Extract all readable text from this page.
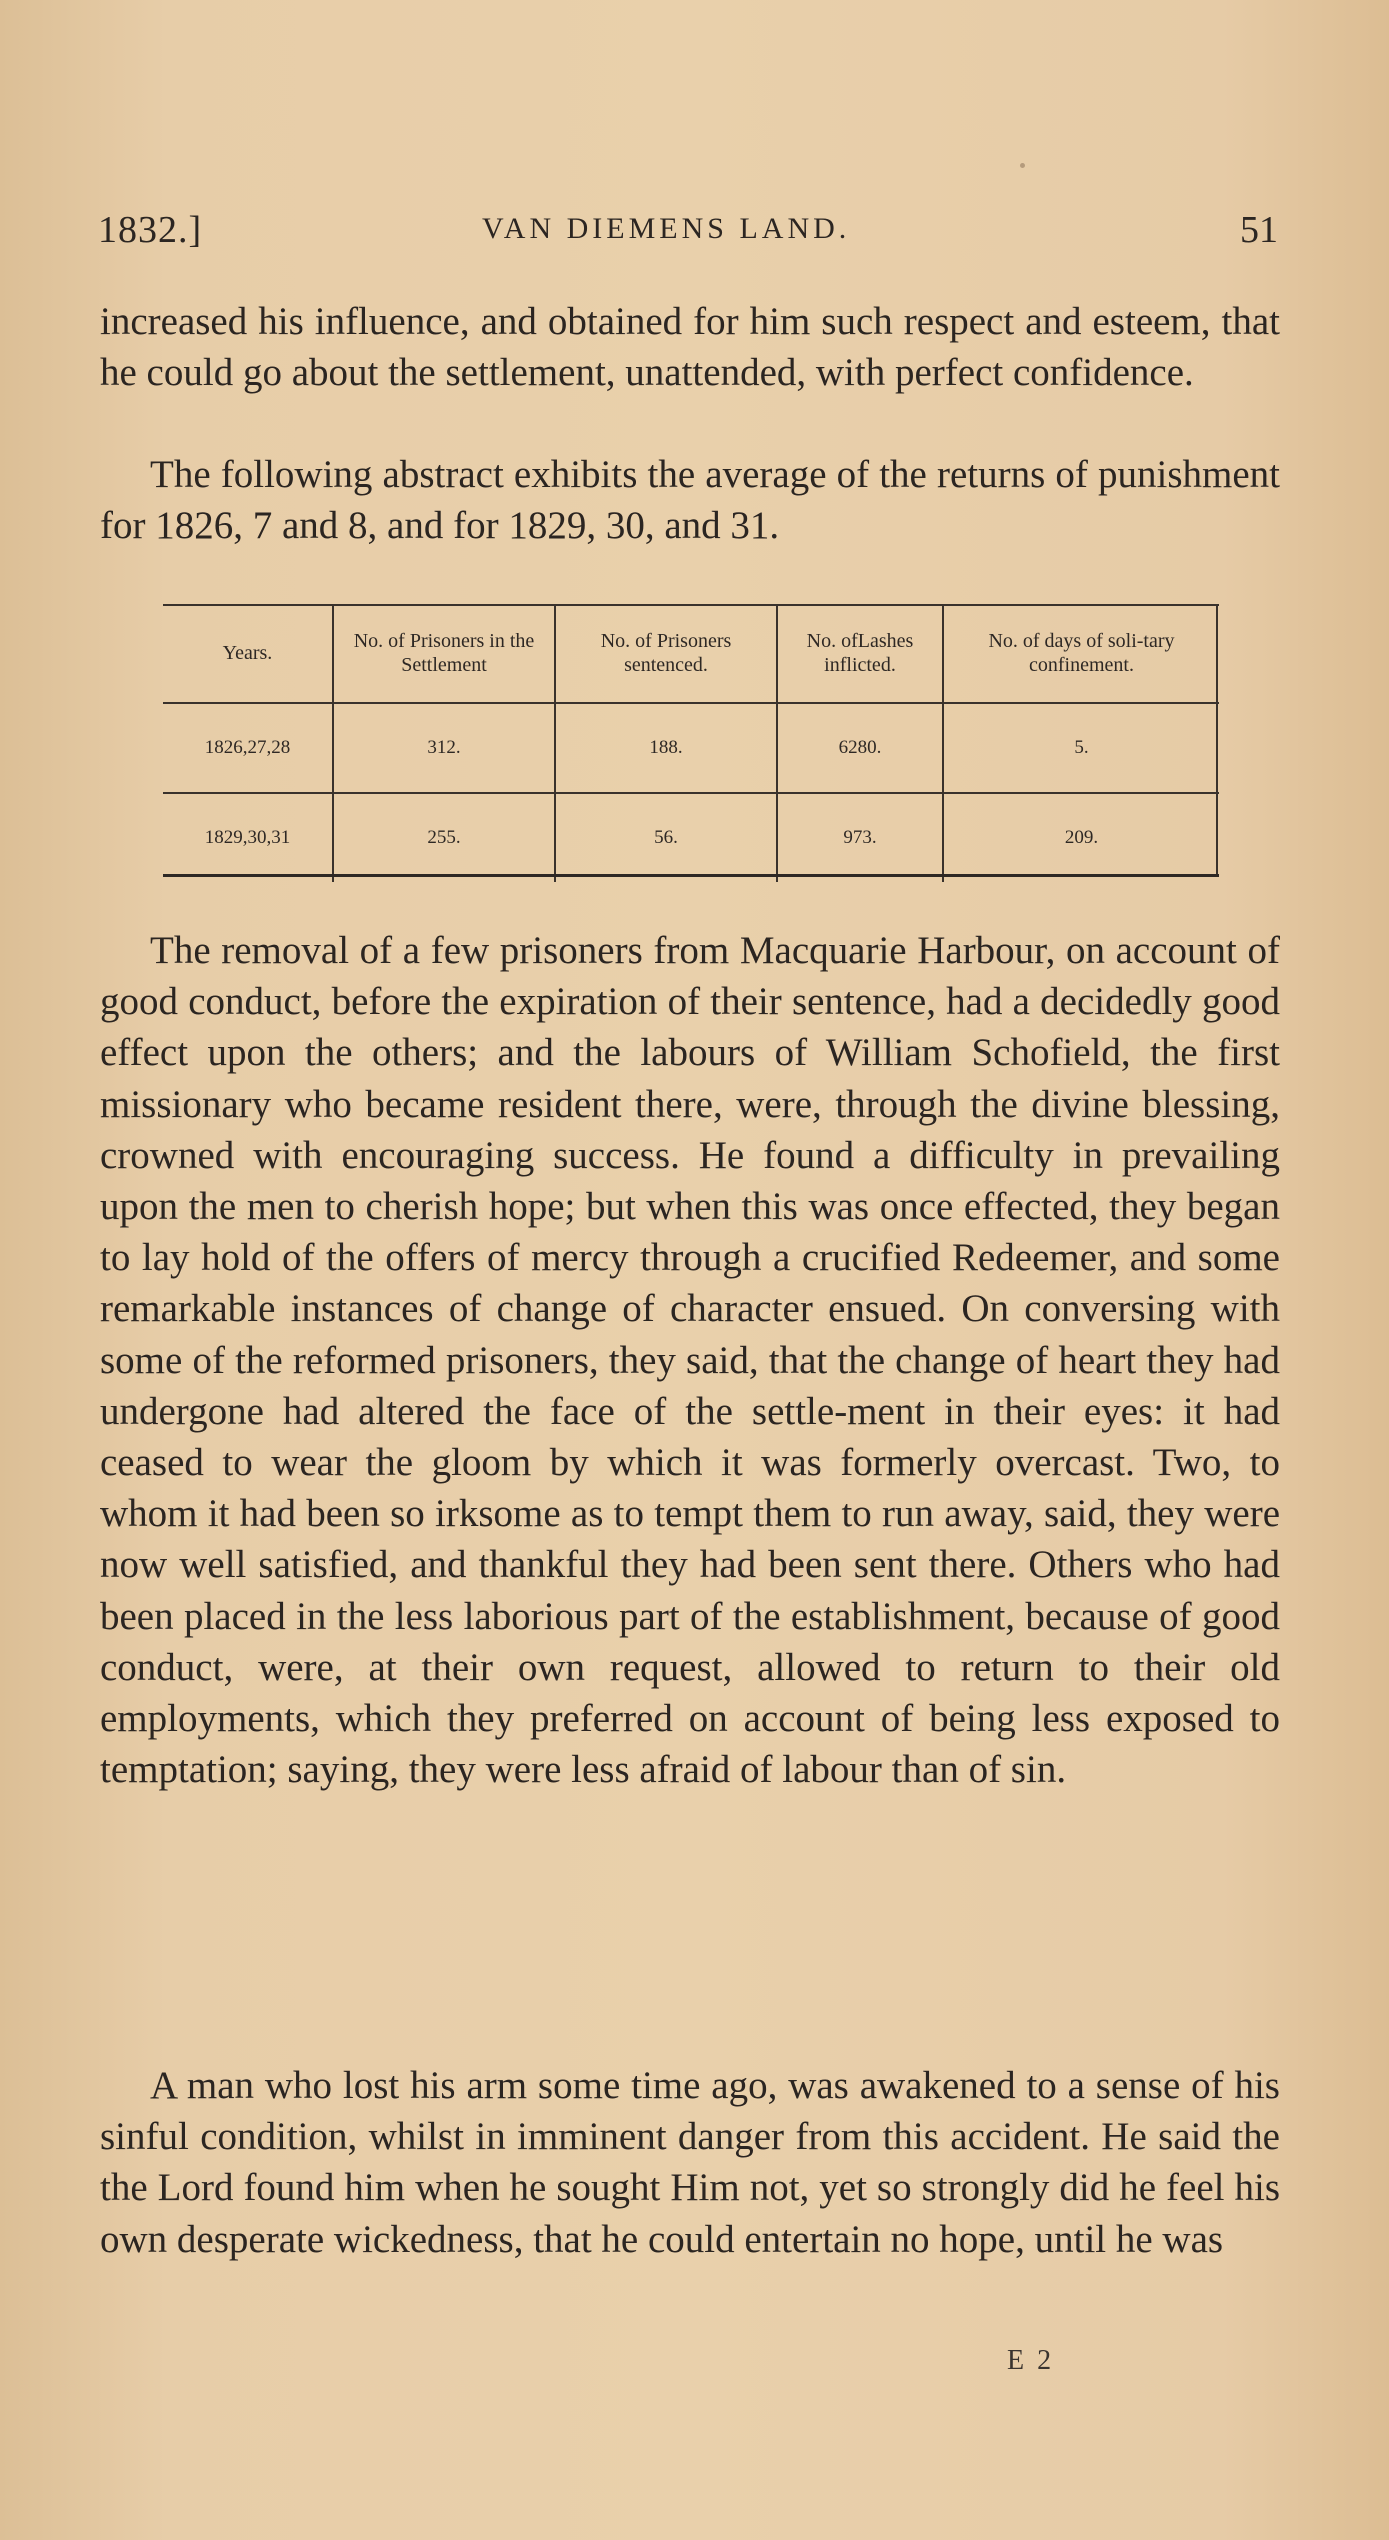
1832.]	VAN DIEMENS LAND.	51
increased his influence, and obtained for him such respect and esteem, that he could go about the settlement, unattended, with perfect confidence.
The following abstract exhibits the average of the returns of punishment for 1826, 7 and 8, and for 1829, 30, and 31.
Years.	No. of Prisoners in the Settlement	No. of Prisoners sentenced.	No. ofLashes inflicted.	No. of days of soli-tary confinement.
1826,27,28	312.	188.	6280.	5.
1829,30,31	255.	56.	973.	209.
The removal of a few prisoners from Macquarie Harbour, on account of good conduct, before the expiration of their sentence, had a decidedly good effect upon the others; and the labours of William Schofield, the first missionary who became resident there, were, through the divine blessing, crowned with encouraging success. He found a difficulty in prevailing upon the men to cherish hope; but when this was once effected, they began to lay hold of the offers of mercy through a crucified Redeemer, and some remarkable instances of change of character ensued. On conversing with some of the reformed prisoners, they said, that the change of heart they had undergone had altered the face of the settle-ment in their eyes: it had ceased to wear the gloom by which it was formerly overcast. Two, to whom it had been so irksome as to tempt them to run away, said, they were now well satisfied, and thankful they had been sent there. Others who had been placed in the less laborious part of the establishment, because of good conduct, were, at their own request, allowed to return to their old employments, which they preferred on account of being less exposed to temptation; saying, they were less afraid of labour than of sin.
A man who lost his arm some time ago, was awakened to a sense of his sinful condition, whilst in imminent danger from this accident. He said the the Lord found him when he sought Him not, yet so strongly did he feel his own desperate wickedness, that he could entertain no hope, until he was
E 2
